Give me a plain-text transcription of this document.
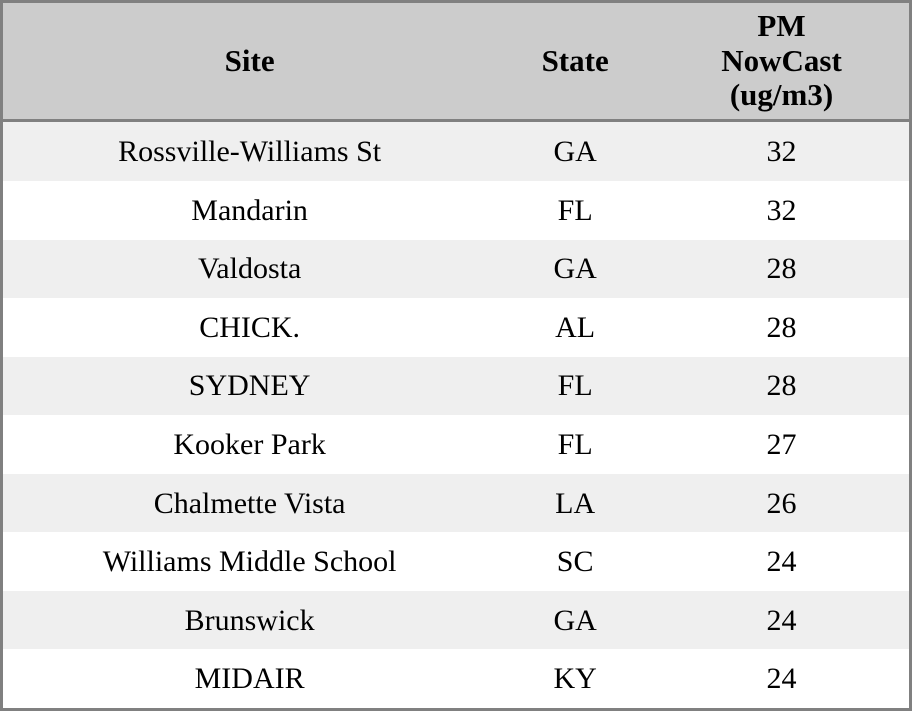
Site	State	PM
NowCast
(ug/m3)

Rossville-Williams St	GA	32
Mandarin	FL	32
Valdosta	GA	28
CHICK.	AL	28
SYDNEY	FL	28
Kooker Park	FL	27
Chalmette Vista	LA	26
Williams Middle School	SC	24
Brunswick	GA	24
MIDAIR	KY	24
